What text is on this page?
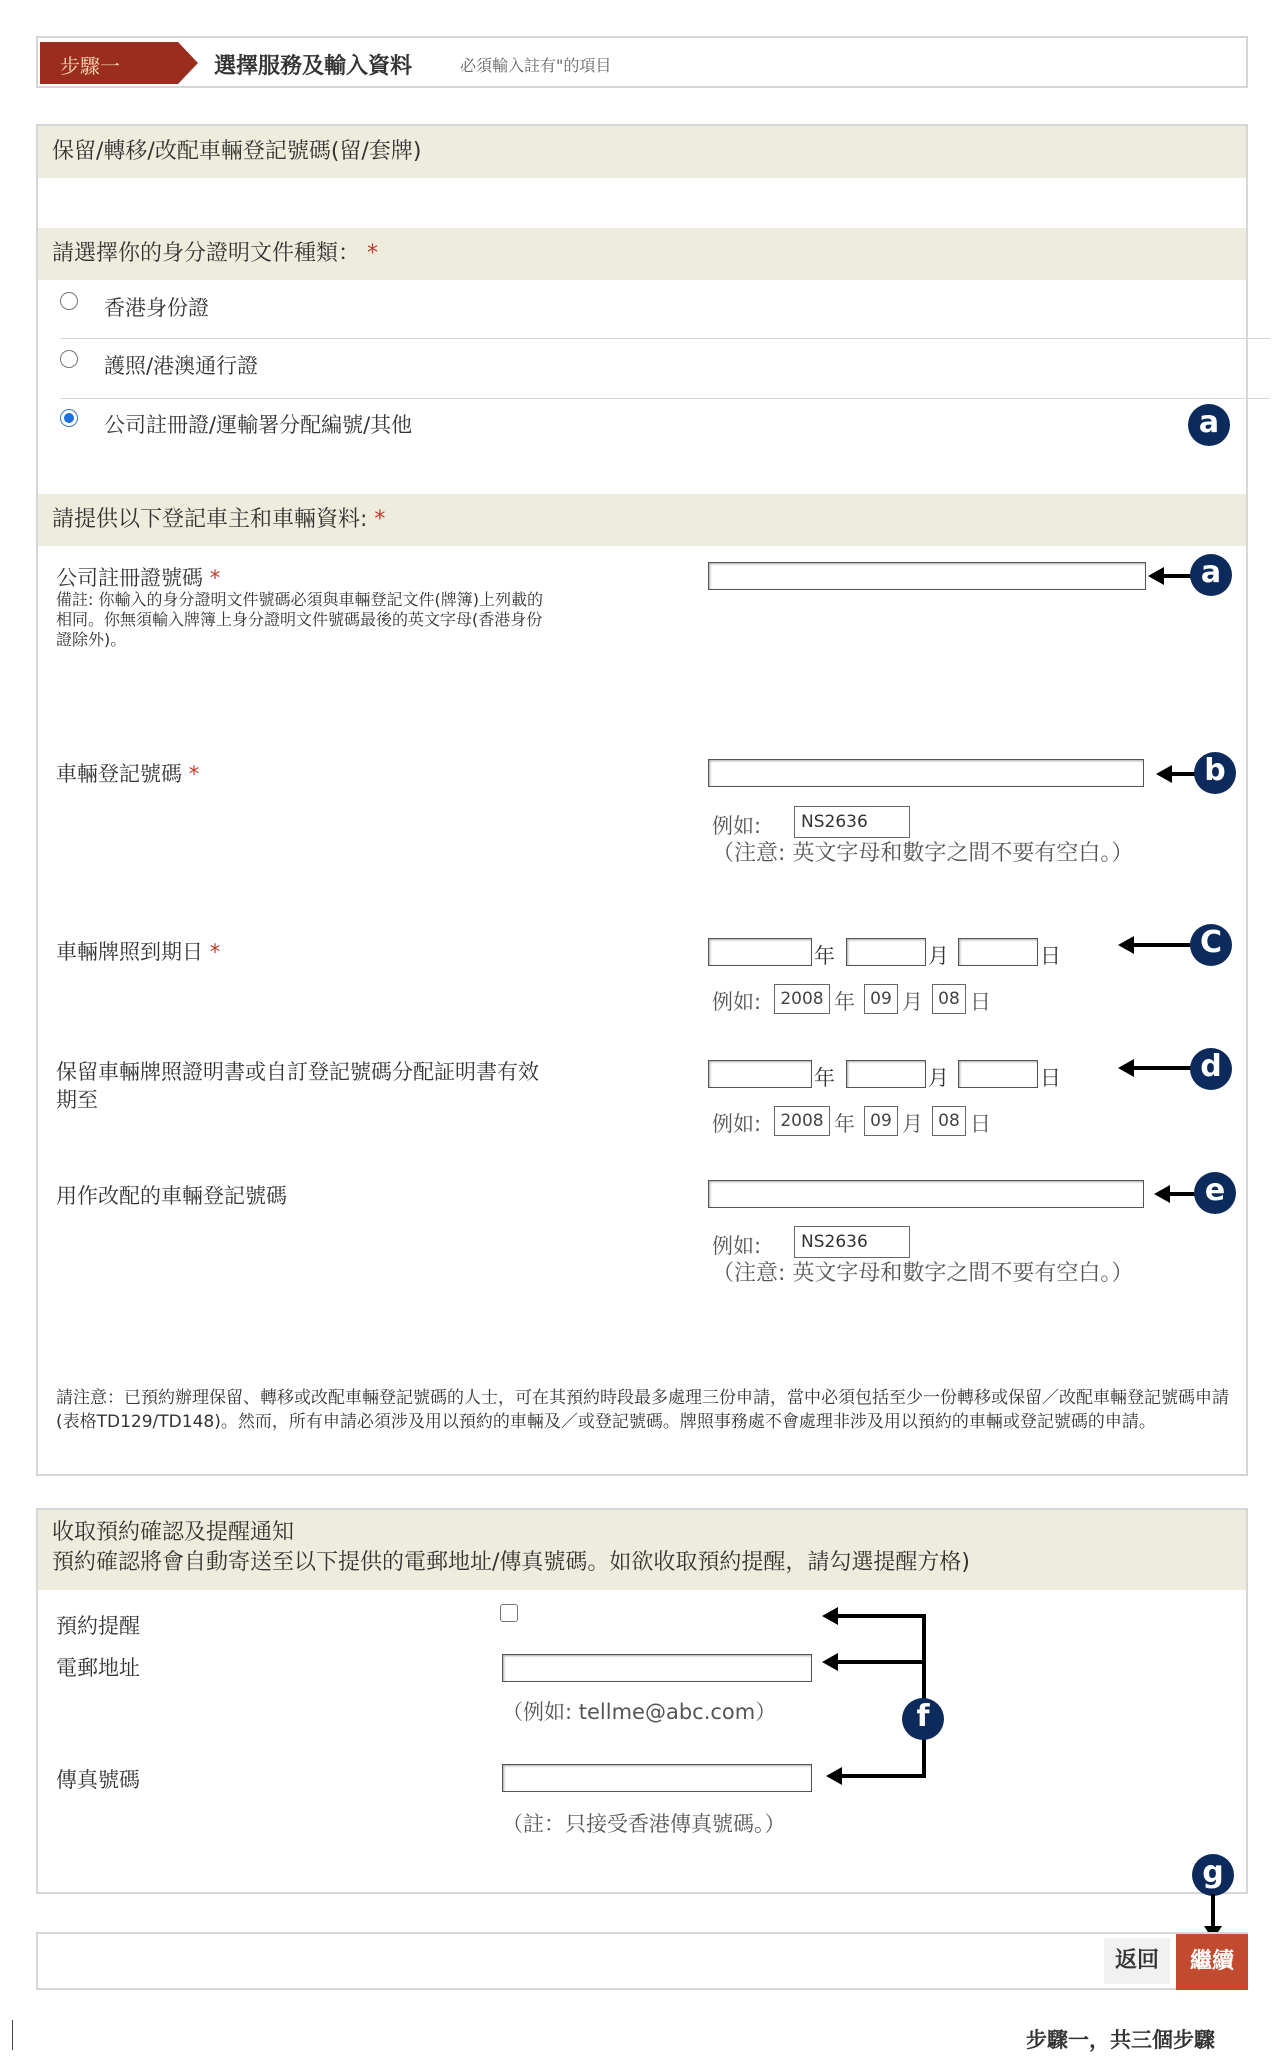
步驟一	選擇服務及輸入資料	必須輸入註有"的項目
保留/轉移/改配車輛登記號碼(留/套牌)
請選擇你的身分證明文件種類： *
香港身份證
護照/港澳通行證
公司註冊證/運輸署分配編號/其他	a
請提供以下登記車主和車輛資料: *
公司註冊證號碼 *
備註: 你輸入的身分證明文件號碼必須與車輛登記文件(牌簿)上列載的相同。你無須輸入牌簿上身分證明文件號碼最後的英文字母(香港身份證除外)。
a
車輛登記號碼 *	b
例如:	NS2636
（注意: 英文字母和數字之間不要有空白。）
車輛牌照到期日 *	年	月	日	C
例如:	2008 年 09 月 08 日
保留車輛牌照證明書或自訂登記號碼分配証明書有效期至
年	月	日	d
例如:	2008 年 09 月 08 日
用作改配的車輛登記號碼	e
例如:	NS2636
（注意: 英文字母和數字之間不要有空白。）
請注意：已預約辦理保留、轉移或改配車輛登記號碼的人士，可在其預約時段最多處理三份申請，當中必須包括至少一份轉移或保留／改配車輛登記號碼申請(表格TD129/TD148)。然而，所有申請必須涉及用以預約的車輛及／或登記號碼。牌照事務處不會處理非涉及用以預約的車輛或登記號碼的申請。
收取預約確認及提醒通知
預約確認將會自動寄送至以下提供的電郵地址/傳真號碼。如欲收取預約提醒，請勾選提醒方格)
預約提醒
電郵地址
（例如: tellme@abc.com）
傳真號碼
（註：只接受香港傳真號碼。）
f
g
返回	繼續
步驟一，共三個步驟
